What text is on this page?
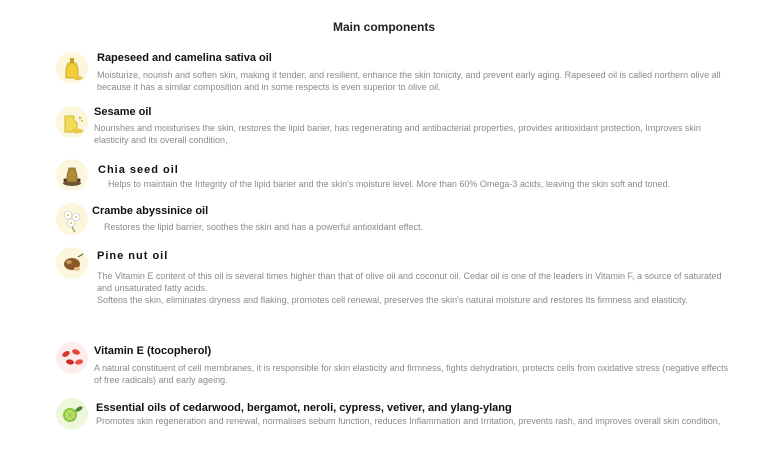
Main components
Rapeseed and camelina sativa oil
Moisturize, nourish and soften skin, making it tender, and resilient, enhance the skin tonicity, and prevent early aging. Rapeseed oil is called northern olive all because it has a similar composition and in some respects is even superior to olive oil.
Sesame oil
Nourishes and moisturises the skin, restores the lipid barier, has regenerating and antibacterial properties, provides antioxidant protection, Improves skin elasticity and its overall condition,
Chia seed oil
Helps to maintain the Integrity of the lipid barier and the skin's moisture level. More than 60% Omega-3 acids, leaving the skin soft and toned.
Crambe abyssinice oil
Restores the lipid barrier, soothes the skin and has a powerful antioxidant effect.
Pine nut oil
The Vitamin E content of this oil is several times higher than that of olive oil and coconut oil. Cedar oil is one of the leaders in Vitamin F, a source of saturated and unsaturated fatty acids.
Softens the skin, eliminates dryness and flaking, promotes cell renewal, preserves the skin's natural moisture and restores Its firmness and elasticity.
Vitamin E (tocopherol)
A natural constituent of cell membranes, it is responsible for skin elasticity and firmness, fights dehydration, protects cells from oxidative stress (negative effects of free radicals) and early ageing.
Essential oils of cedarwood, bergamot, neroli, cypress, vetiver, and ylang-ylang
Promotes skin regeneration and renewal, normalises sebum function, reduces Inflammation and Irritation, prevents rash, and improves overall skin condition,
